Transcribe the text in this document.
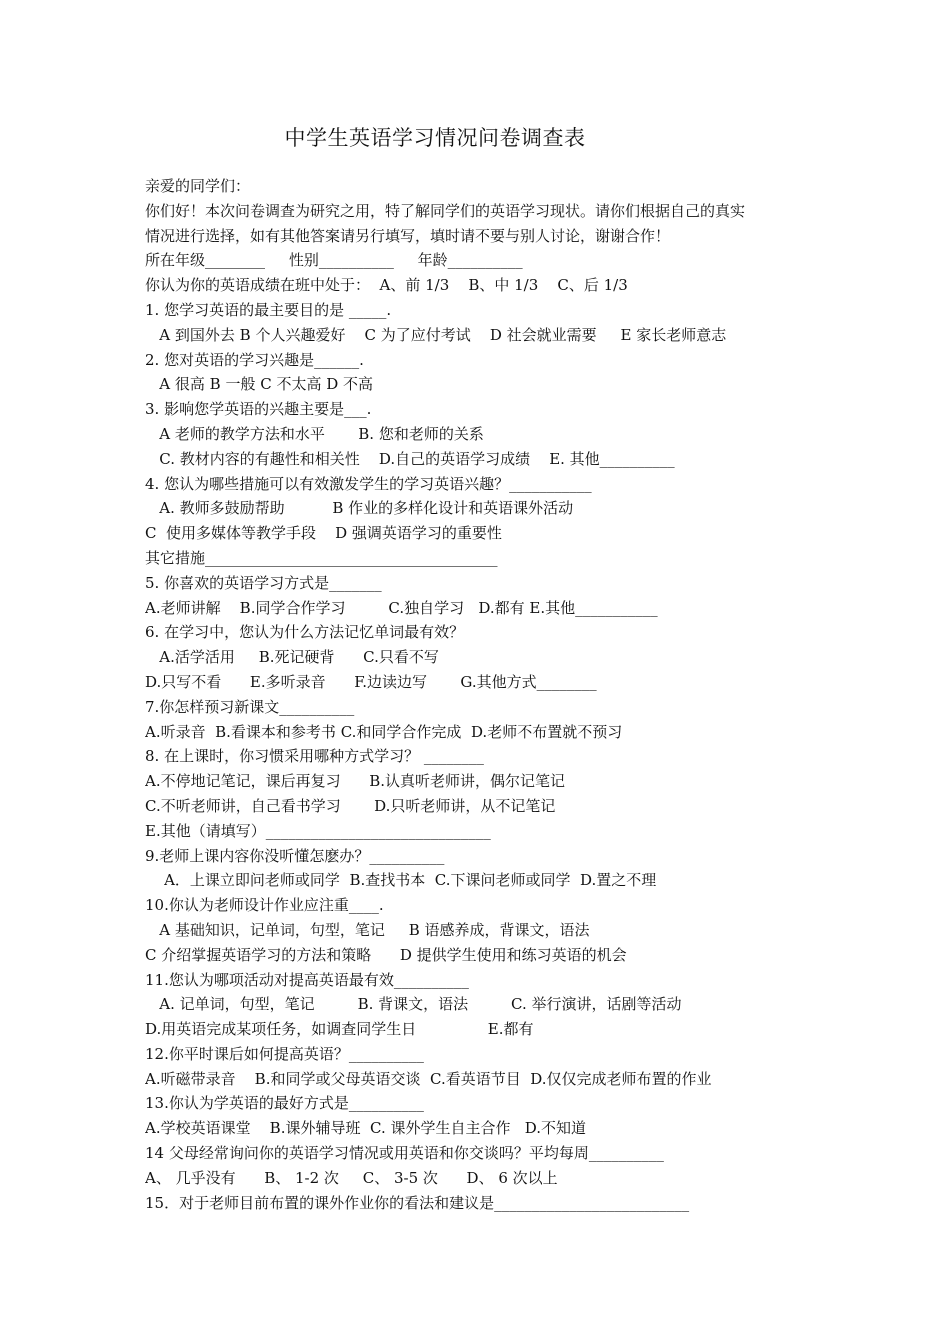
中学生英语学习情况问卷调查表
亲爱的同学们：
你们好！本次问卷调查为研究之用，特了解同学们的英语学习现状。请你们根据自己的真实
情况进行选择，如有其他答案请另行填写，填时请不要与别人讨论，谢谢合作！
所在年级________     性别__________     年龄__________
你认为你的英语成绩在班中处于：  A、前 1/3    B、中 1/3    C、后 1/3
1. 您学习英语的最主要目的是 _____.
A 到国外去 B 个人兴趣爱好    C 为了应付考试    D 社会就业需要     E 家长老师意志
2. 您对英语的学习兴趣是______.
A 很高 B 一般 C 不太高 D 不高
3. 影响您学英语的兴趣主要是___.
A 老师的教学方法和水平       B. 您和老师的关系
C. 教材内容的有趣性和相关性    D.自己的英语学习成绩    E. 其他__________
4. 您认为哪些措施可以有效激发学生的学习英语兴趣？___________
A. 教师多鼓励帮助          B 作业的多样化设计和英语课外活动
C  使用多媒体等教学手段    D 强调英语学习的重要性
其它措施_______________________________________
5. 你喜欢的英语学习方式是_______
A.老师讲解    B.同学合作学习         C.独自学习   D.都有 E.其他___________
6. 在学习中，您认为什么方法记忆单词最有效？
A.活学活用     B.死记硬背      C.只看不写
D.只写不看      E.多听录音      F.边读边写       G.其他方式________
7.你怎样预习新课文__________
A.听录音  B.看课本和参考书 C.和同学合作完成  D.老师不布置就不预习
8. 在上课时，你习惯采用哪种方式学习？ ________
A.不停地记笔记，课后再复习      B.认真听老师讲，偶尔记笔记
C.不听老师讲，自己看书学习       D.只听老师讲，从不记笔记
E.其他（请填写）______________________________
9.老师上课内容你没听懂怎麽办？__________
A．上课立即问老师或同学  B.查找书本  C.下课问老师或同学  D.置之不理
10.你认为老师设计作业应注重____.
A 基础知识，记单词，句型，笔记     B 语感养成，背课文，语法
C 介绍掌握英语学习的方法和策略      D 提供学生使用和练习英语的机会
11.您认为哪项活动对提高英语最有效__________
A. 记单词，句型，笔记         B. 背课文，语法         C. 举行演讲，话剧等活动
D.用英语完成某项任务，如调查同学生日               E.都有
12.你平时课后如何提高英语？__________
A.听磁带录音    B.和同学或父母英语交谈  C.看英语节目  D.仅仅完成老师布置的作业
13.你认为学英语的最好方式是__________
A.学校英语课堂    B.课外辅导班  C. 课外学生自主合作   D.不知道
14 父母经常询问你的英语学习情况或用英语和你交谈吗？平均每周__________
A、 几乎没有      B、 1-2 次     C、 3-5 次      D、 6 次以上
15．对于老师目前布置的课外作业你的看法和建议是__________________________
